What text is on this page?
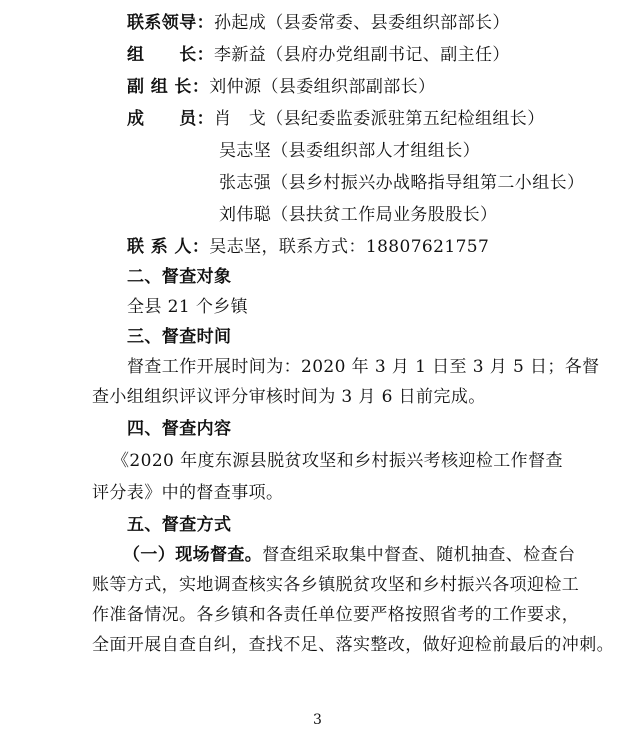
联系领导：孙起成（县委常委、县委组织部部长）
组　　长：李新益（县府办党组副书记、副主任）
副 组 长：刘仲源（县委组织部副部长）
成　　员：肖　戈（县纪委监委派驻第五纪检组组长）
吴志坚（县委组织部人才组组长）
张志强（县乡村振兴办战略指导组第二小组长）
刘伟聪（县扶贫工作局业务股股长）
联 系 人：吴志坚，联系方式：18807621757
二、督查对象
全县 21 个乡镇
三、督查时间
督查工作开展时间为：2020 年 3 月 1 日至 3 月 5 日；各督
查小组组织评议评分审核时间为 3 月 6 日前完成。
四、督查内容
《2020 年度东源县脱贫攻坚和乡村振兴考核迎检工作督查
评分表》中的督查事项。
五、督查方式
（一）现场督查。督查组采取集中督查、随机抽查、检查台
账等方式，实地调查核实各乡镇脱贫攻坚和乡村振兴各项迎检工
作准备情况。各乡镇和各责任单位要严格按照省考的工作要求，
全面开展自查自纠，查找不足、落实整改，做好迎检前最后的冲刺。
3
